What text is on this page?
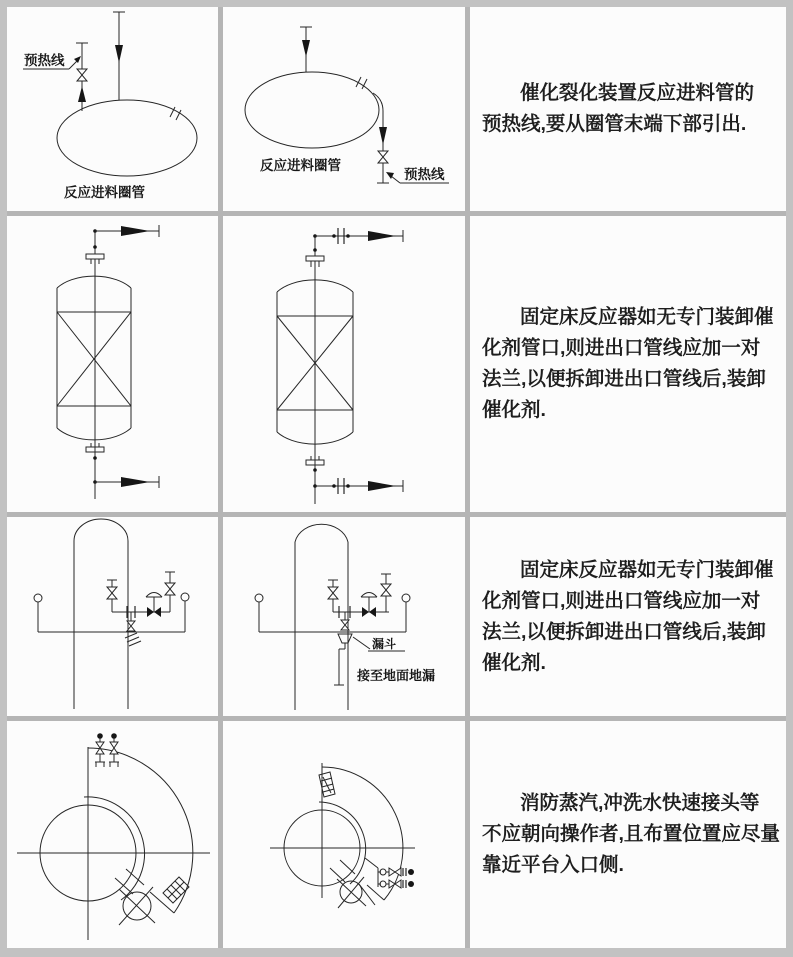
预热线
反应进料圈管
预热线
反应进料圈管

催化裂化装置反应进料管的

预热线,要从圈管末端下部引出.

固定床反应器如无专门装卸催

化剂管口,则进出口管线应加一对

法兰,以便拆卸进出口管线后,装卸

催化剂.

漏斗
接至地面地漏

固定床反应器如无专门装卸催

化剂管口,则进出口管线应加一对

法兰,以便拆卸进出口管线后,装卸

催化剂.

消防蒸汽,冲洗水快速接头等

不应朝向操作者,且布置位置应尽量

靠近平台入口侧.
